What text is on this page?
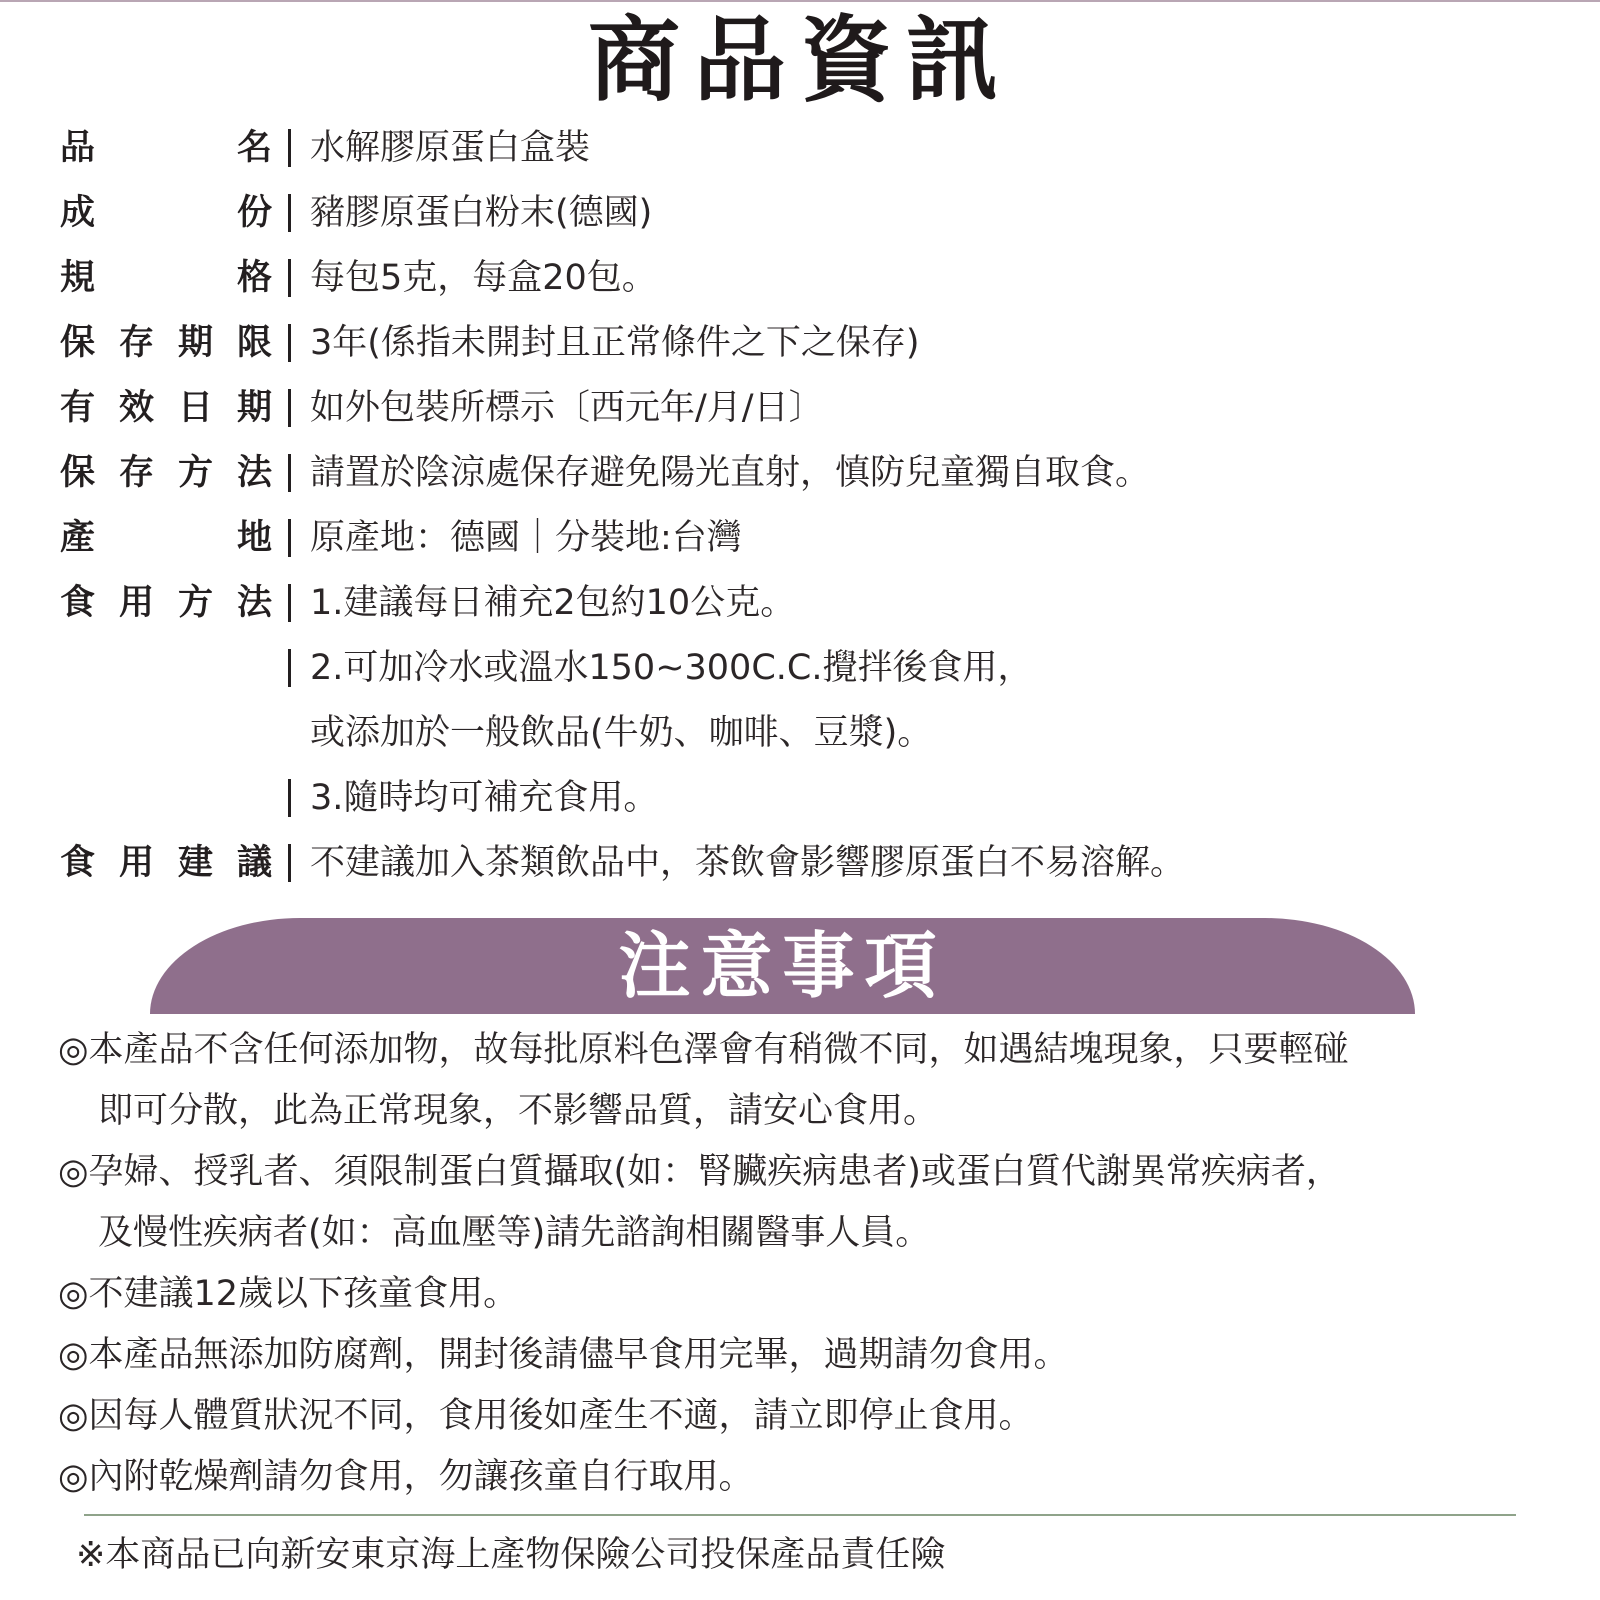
商品資訊
品	名 水解膠原蛋白盒裝
成	份 豬膠原蛋白粉末(德國)
規	格 每包5克，每盒20包。
保 存 期 限 3年(係指未開封且正常條件之下之保存)
有 效 日 期 如外包裝所標示〔西元年/月/日〕
保 存 方 法 請置於陰涼處保存避免陽光直射，慎防兒童獨自取食。
產	地 原產地：德國｜分裝地:台灣
食 用 方 法 1.建議每日補充2包約10公克。
2.可加冷水或溫水150~300C.C.攪拌後食用，
或添加於一般飲品(牛奶、咖啡、豆漿)。
3.隨時均可補充食用。
食 用 建 議 不建議加入茶類飲品中，茶飲會影響膠原蛋白不易溶解。
注意事項
◎本產品不含任何添加物，故每批原料色澤會有稍微不同，如遇結塊現象，只要輕碰
即可分散，此為正常現象，不影響品質，請安心食用。
◎孕婦、授乳者、須限制蛋白質攝取(如：腎臟疾病患者)或蛋白質代謝異常疾病者，
及慢性疾病者(如：高血壓等)請先諮詢相關醫事人員。
◎不建議12歲以下孩童食用。
◎本產品無添加防腐劑，開封後請儘早食用完畢，過期請勿食用。
◎因每人體質狀況不同，食用後如產生不適，請立即停止食用。
◎內附乾燥劑請勿食用，勿讓孩童自行取用。
※本商品已向新安東京海上產物保險公司投保產品責任險
